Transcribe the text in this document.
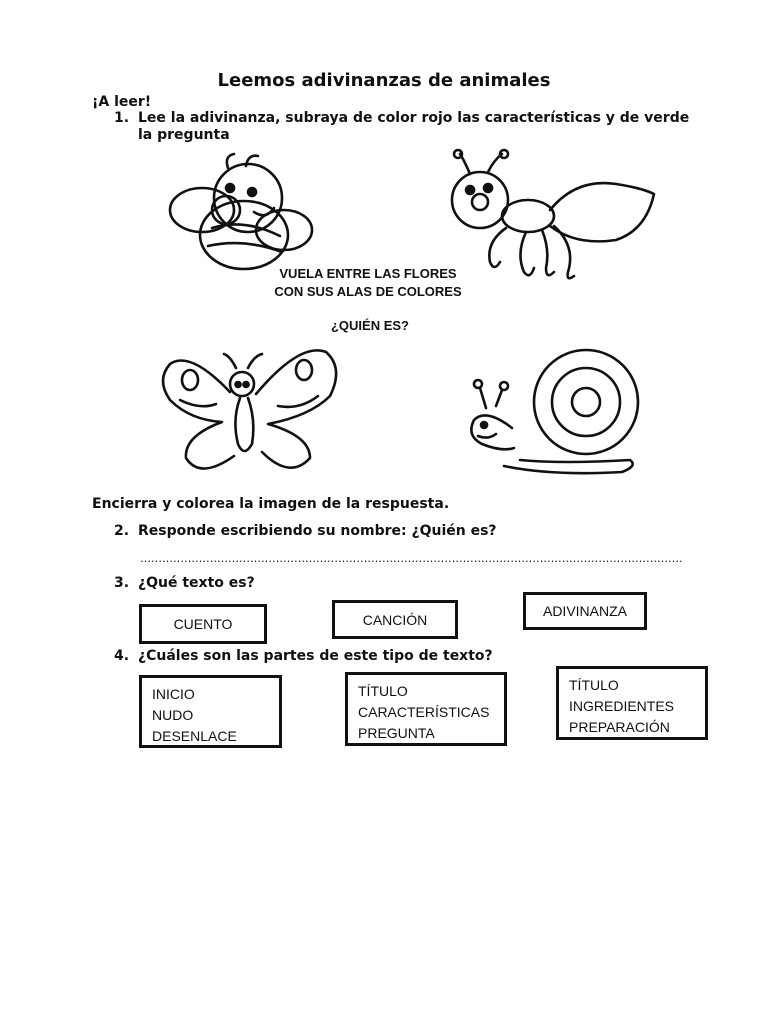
Leemos adivinanzas de animales
¡A leer!
1. Lee la adivinanza, subraya de color rojo las características y de verde la pregunta
VUELA ENTRE LAS FLORES
CON SUS ALAS DE COLORES
¿QUIÉN ES?
Encierra y colorea la imagen de la respuesta.
2. Responde escribiendo su nombre: ¿Quién es?
………………………………………………………………………………………………………………………………….
3. ¿Qué texto es?
CUENTO	CANCIÓN
ADIVINANZA
4. ¿Cuáles son las partes de este tipo de texto?
INICIO
NUDO
DESENLACE
TÍTULO
CARACTERÍSTICAS
PREGUNTA
TÍTULO
INGREDIENTES
PREPARACIÓN
